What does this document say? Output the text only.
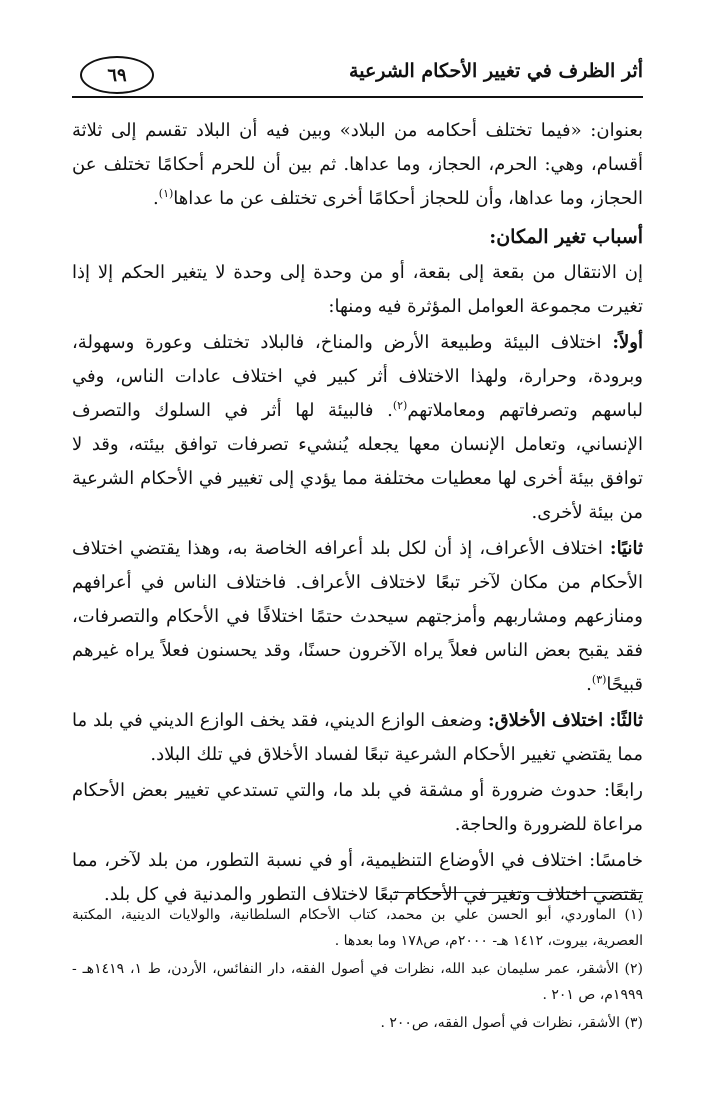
أثر الظرف في تغيير الأحكام الشرعية
٦٩

بعنوان: «فيما تختلف أحكامه من البلاد» وبين فيه أن البلاد تقسم إلى ثلاثة أقسام، وهي: الحرم، الحجاز، وما عداها. ثم بين أن للحرم أحكامًا تختلف عن الحجاز، وما عداها، وأن للحجاز أحكامًا أخرى تختلف عن ما عداها$^{(١)}$.

أسباب تغير المكان:

إن الانتقال من بقعة إلى بقعة، أو من وحدة إلى وحدة لا يتغير الحكم إلا إذا تغيرت مجموعة العوامل المؤثرة فيه ومنها:

أولاً: اختلاف البيئة وطبيعة الأرض والمناخ، فالبلاد تختلف وعورة وسهولة، وبرودة، وحرارة، ولهذا الاختلاف أثر كبير في اختلاف عادات الناس، وفي لباسهم وتصرفاتهم ومعاملاتهم$^{(٢)}$. فالبيئة لها أثر في السلوك والتصرف الإنساني، وتعامل الإنسان معها يجعله يُنشيء تصرفات توافق بيئته، وقد لا توافق بيئة أخرى لها معطيات مختلفة مما يؤدي إلى تغيير في الأحكام الشرعية من بيئة لأخرى.

ثانيًا: اختلاف الأعراف، إذ أن لكل بلد أعرافه الخاصة به، وهذا يقتضي اختلاف الأحكام من مكان لآخر تبعًا لاختلاف الأعراف. فاختلاف الناس في أعرافهم ومنازعهم ومشاربهم وأمزجتهم سيحدث حتمًا اختلافًا في الأحكام والتصرفات، فقد يقبح بعض الناس فعلاً يراه الآخرون حسنًا، وقد يحسنون فعلاً يراه غيرهم قبيحًا$^{(٣)}$.

ثالثًا: اختلاف الأخلاق: وضعف الوازع الديني، فقد يخف الوازع الديني في بلد ما مما يقتضي تغيير الأحكام الشرعية تبعًا لفساد الأخلاق في تلك البلاد.

رابعًا: حدوث ضرورة أو مشقة في بلد ما، والتي تستدعي تغيير بعض الأحكام مراعاة للضرورة والحاجة.

خامسًا: اختلاف في الأوضاع التنظيمية، أو في نسبة التطور، من بلد لآخر، مما يقتضي اختلاف وتغير في الأحكام تبعًا لاختلاف التطور والمدنية في كل بلد.

(١) الماوردي، أبو الحسن علي بن محمد، كتاب الأحكام السلطانية، والولايات الدينية، المكتبة العصرية، بيروت، ١٤١٢ هـ- ٢٠٠٠م، ص١٧٨ وما بعدها .

(٢) الأشقر، عمر سليمان عبد الله، نظرات في أصول الفقه، دار النفائس، الأردن، ط ١، ١٤١٩هـ - ١٩٩٩م، ص ٢٠١ .

(٣) الأشقر، نظرات في أصول الفقه، ص٢٠٠ .
